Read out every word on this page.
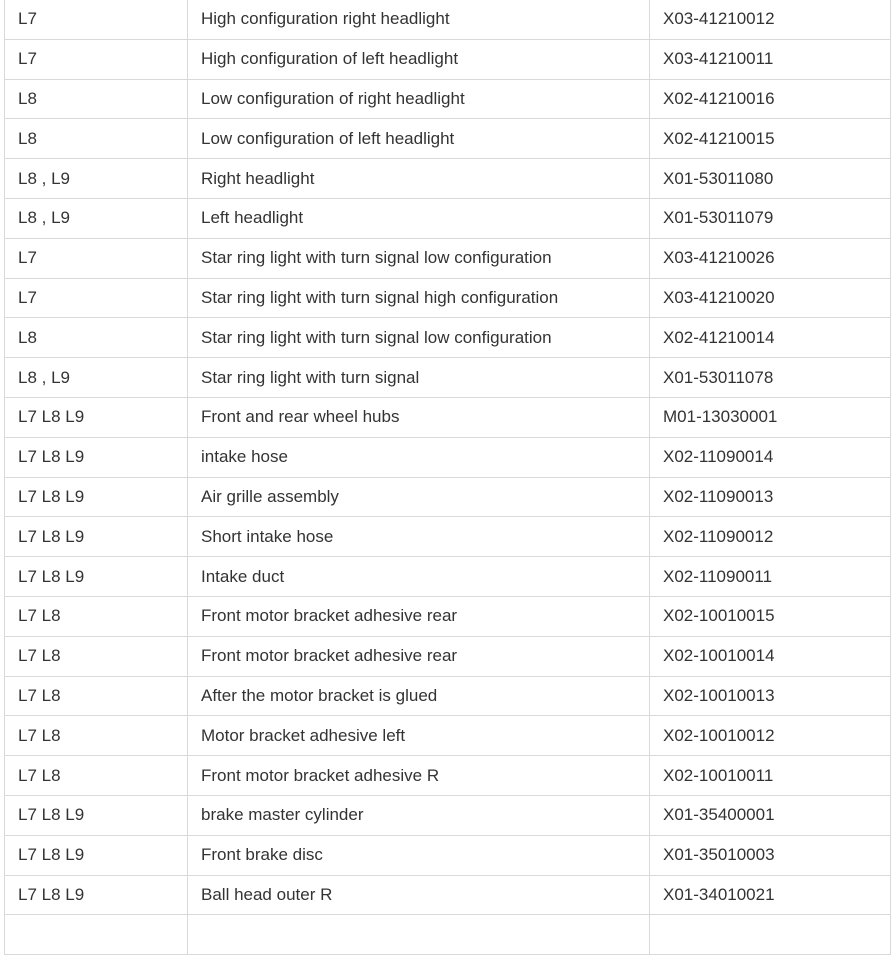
L7	High configuration right headlight	X03-41210012
L7	High configuration of left headlight	X03-41210011
L8	Low configuration of right headlight	X02-41210016
L8	Low configuration of left headlight	X02-41210015
L8 , L9	Right headlight	X01-53011080
L8 , L9	Left headlight	X01-53011079
L7	Star ring light with turn signal low configuration	X03-41210026
L7	Star ring light with turn signal high configuration	X03-41210020
L8	Star ring light with turn signal low configuration	X02-41210014
L8 , L9	Star ring light with turn signal	X01-53011078
L7 L8 L9	Front and rear wheel hubs	M01-13030001
L7 L8 L9	intake hose	X02-11090014
L7 L8 L9	Air grille assembly	X02-11090013
L7 L8 L9	Short intake hose	X02-11090012
L7 L8 L9	Intake duct	X02-11090011
L7 L8	Front motor bracket adhesive rear	X02-10010015
L7 L8	Front motor bracket adhesive rear	X02-10010014
L7 L8	After the motor bracket is glued	X02-10010013
L7 L8	Motor bracket adhesive left	X02-10010012
L7 L8	Front motor bracket adhesive R	X02-10010011
L7 L8 L9	brake master cylinder	X01-35400001
L7 L8 L9	Front brake disc	X01-35010003
L7 L8 L9	Ball head outer R	X01-34010021
